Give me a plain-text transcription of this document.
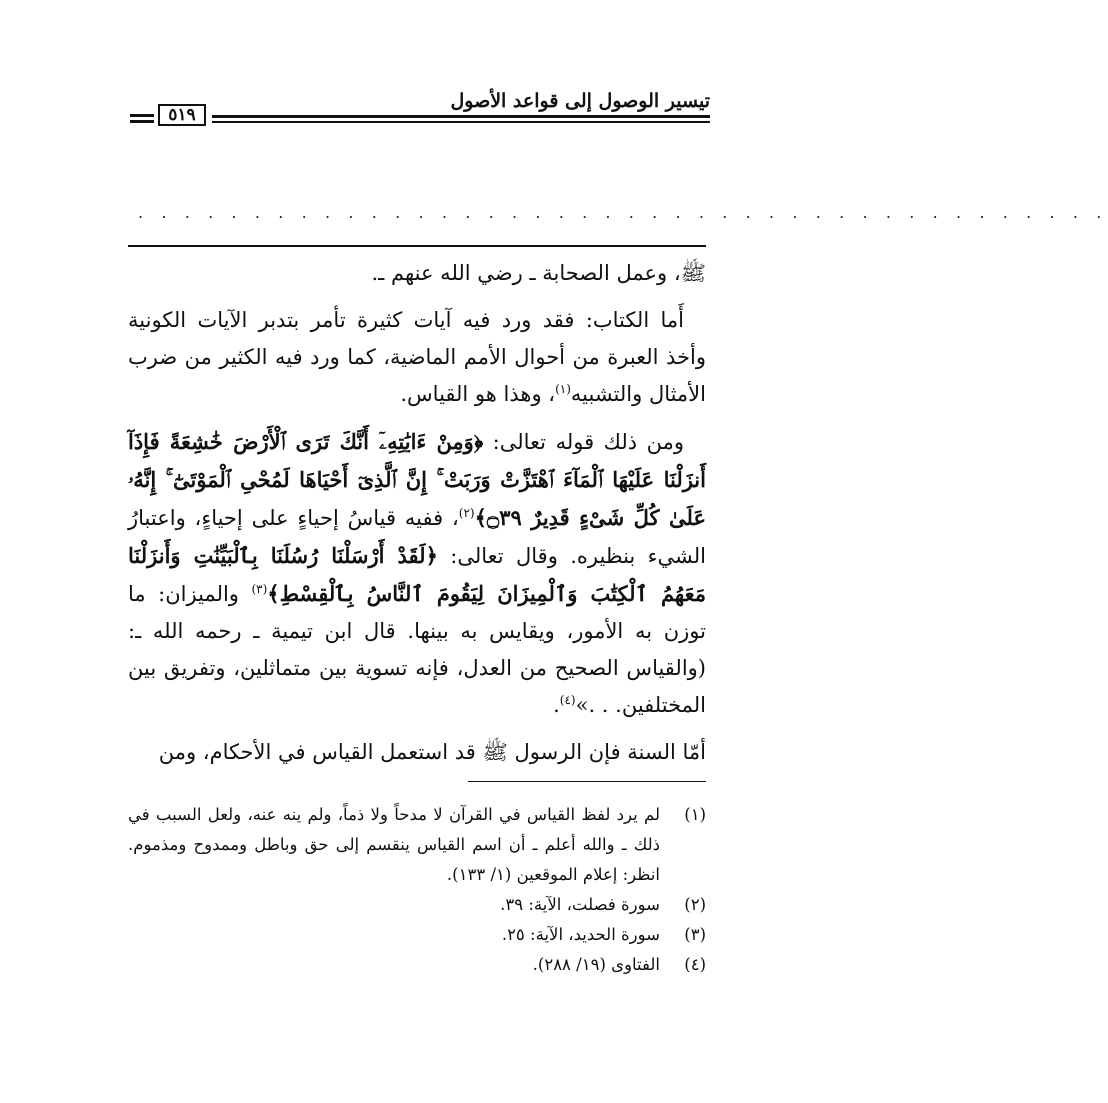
تيسير الوصول إلى قواعد الأصول
٥١٩
. . . . . . . . . . . . . . . . . . . . . . . . . . . . . . . . . . . . . . . . . .

ﷺ، وعمل الصحابة ـ رضي الله عنهم ـ.

أَما الكتاب: فقد ورد فيه آيات كثيرة تأمر بتدبر الآيات الكونية وأخذ العبرة من أحوال الأمم الماضية، كما ورد فيه الكثير من ضرب الأمثال والتشبيه$^{(١)}$، وهذا هو القياس.

ومن ذلك قوله تعالى: ﴿وَمِنْ ءَايَٰتِهِۦٓ أَنَّكَ تَرَى ٱلْأَرْضَ خَٰشِعَةً فَإِذَآ أَنزَلْنَا عَلَيْهَا ٱلْمَآءَ ٱهْتَزَّتْ وَرَبَتْ ۚ إِنَّ ٱلَّذِىٓ أَحْيَاهَا لَمُحْىِ ٱلْمَوْتَىٰٓ ۚ إِنَّهُۥ عَلَىٰ كُلِّ شَىْءٍ قَدِيرٌ ۝٣٩﴾$^{(٢)}$، ففيه قياسُ إحياءٍ على إحياءٍ، واعتبارُ الشيء بنظيره. وقال تعالى: ﴿لَقَدْ أَرْسَلْنَا رُسُلَنَا بِٱلْبَيِّنَٰتِ وَأَنزَلْنَا مَعَهُمُ ٱلْكِتَٰبَ وَٱلْمِيزَانَ لِيَقُومَ ٱلنَّاسُ بِٱلْقِسْطِ﴾$^{(٣)}$ والميزان: ما توزن به الأمور، ويقايس به بينها. قال ابن تيمية ـ رحمه الله ـ: (والقياس الصحيح من العدل، فإنه تسوية بين متماثلين، وتفريق بين المختلفين. . .»$^{(٤)}$.

أمّا السنة فإن الرسول ﷺ قد استعمل القياس في الأحكام، ومن

(١)
لم يرد لفظ القياس في القرآن لا مدحاً ولا ذماً، ولم ينه عنه، ولعل السبب في ذلك ـ والله أعلم ـ أن اسم القياس ينقسم إلى حق وباطل وممدوح ومذموم. انظر: إعلام الموقعين (١/ ١٣٣).
(٢)
سورة فصلت، الآية: ٣٩.
(٣)
سورة الحديد، الآية: ٢٥.
(٤)
الفتاوى (١٩/ ٢٨٨).
